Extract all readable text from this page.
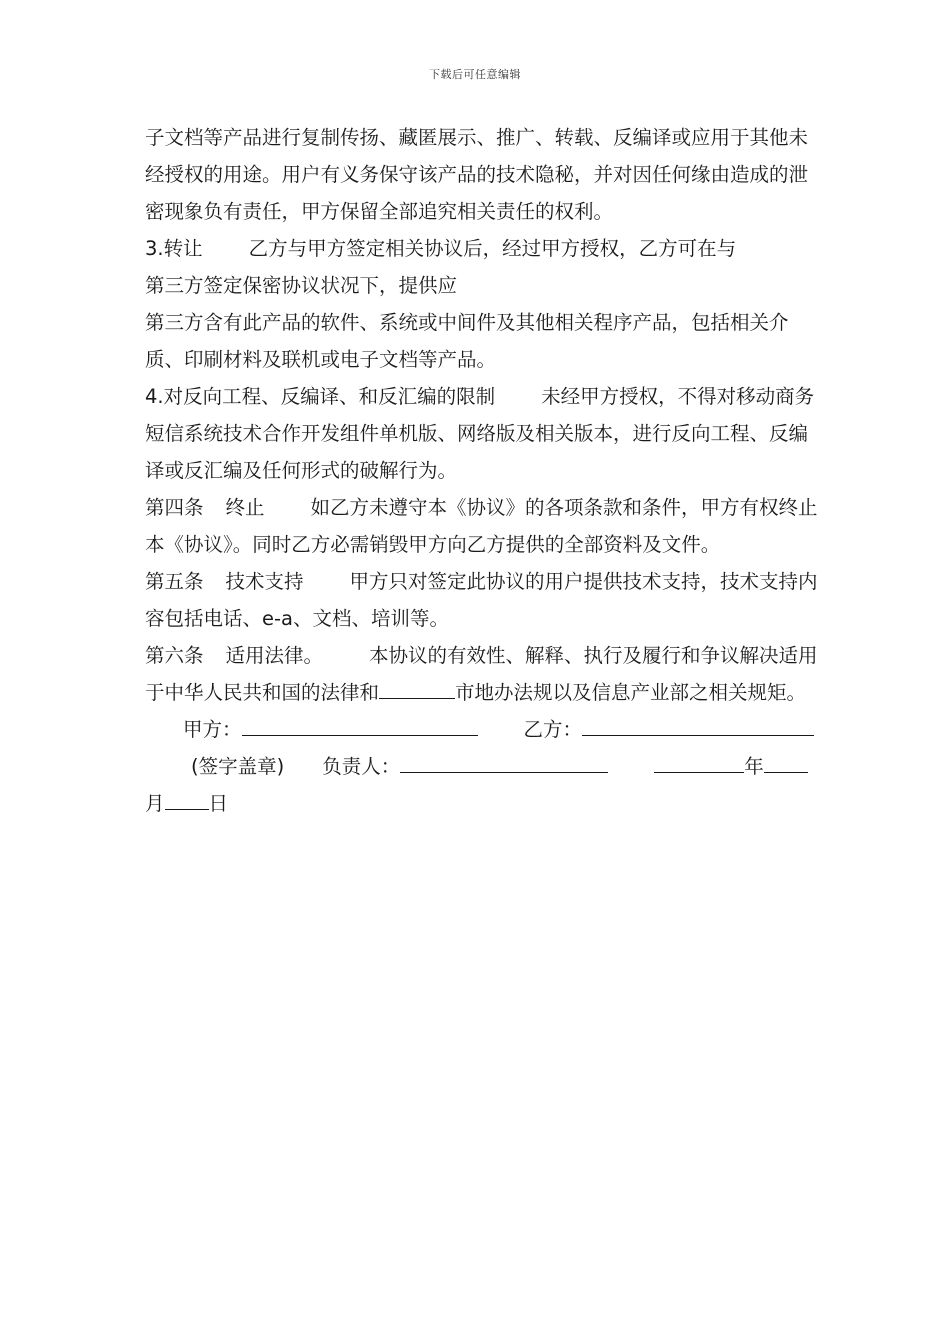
下载后可任意编辑

子文档等产品进行复制传扬、藏匿展示、推广、转载、反编译或应用于其他未经授权的用途。用户有义务保守该产品的技术隐秘，并对因任何缘由造成的泄密现象负有责任，甲方保留全部追究相关责任的权利。

3.转让 乙方与甲方签定相关协议后，经过甲方授权，乙方可在与

第三方签定保密协议状况下，提供应

第三方含有此产品的软件、系统或中间件及其他相关程序产品，包括相关介质、印刷材料及联机或电子文档等产品。

4.对反向工程、反编译、和反汇编的限制 未经甲方授权，不得对移动商务短信系统技术合作开发组件单机版、网络版及相关版本，进行反向工程、反编译或反汇编及任何形式的破解行为。

第四条 终止 如乙方未遵守本《协议》的各项条款和条件，甲方有权终止本《协议》。同时乙方必需销毁甲方向乙方提供的全部资料及文件。

第五条 技术支持 甲方只对签定此协议的用户提供技术支持，技术支持内容包括电话、e-a、文档、培训等。

第六条 适用法律。 本协议的有效性、解释、执行及履行和争议解决适用于中华人民共和国的法律和	市地办法规以及信息产业部之相关规矩。甲方：	乙方：(签字盖章) 负责人：	年月 日
